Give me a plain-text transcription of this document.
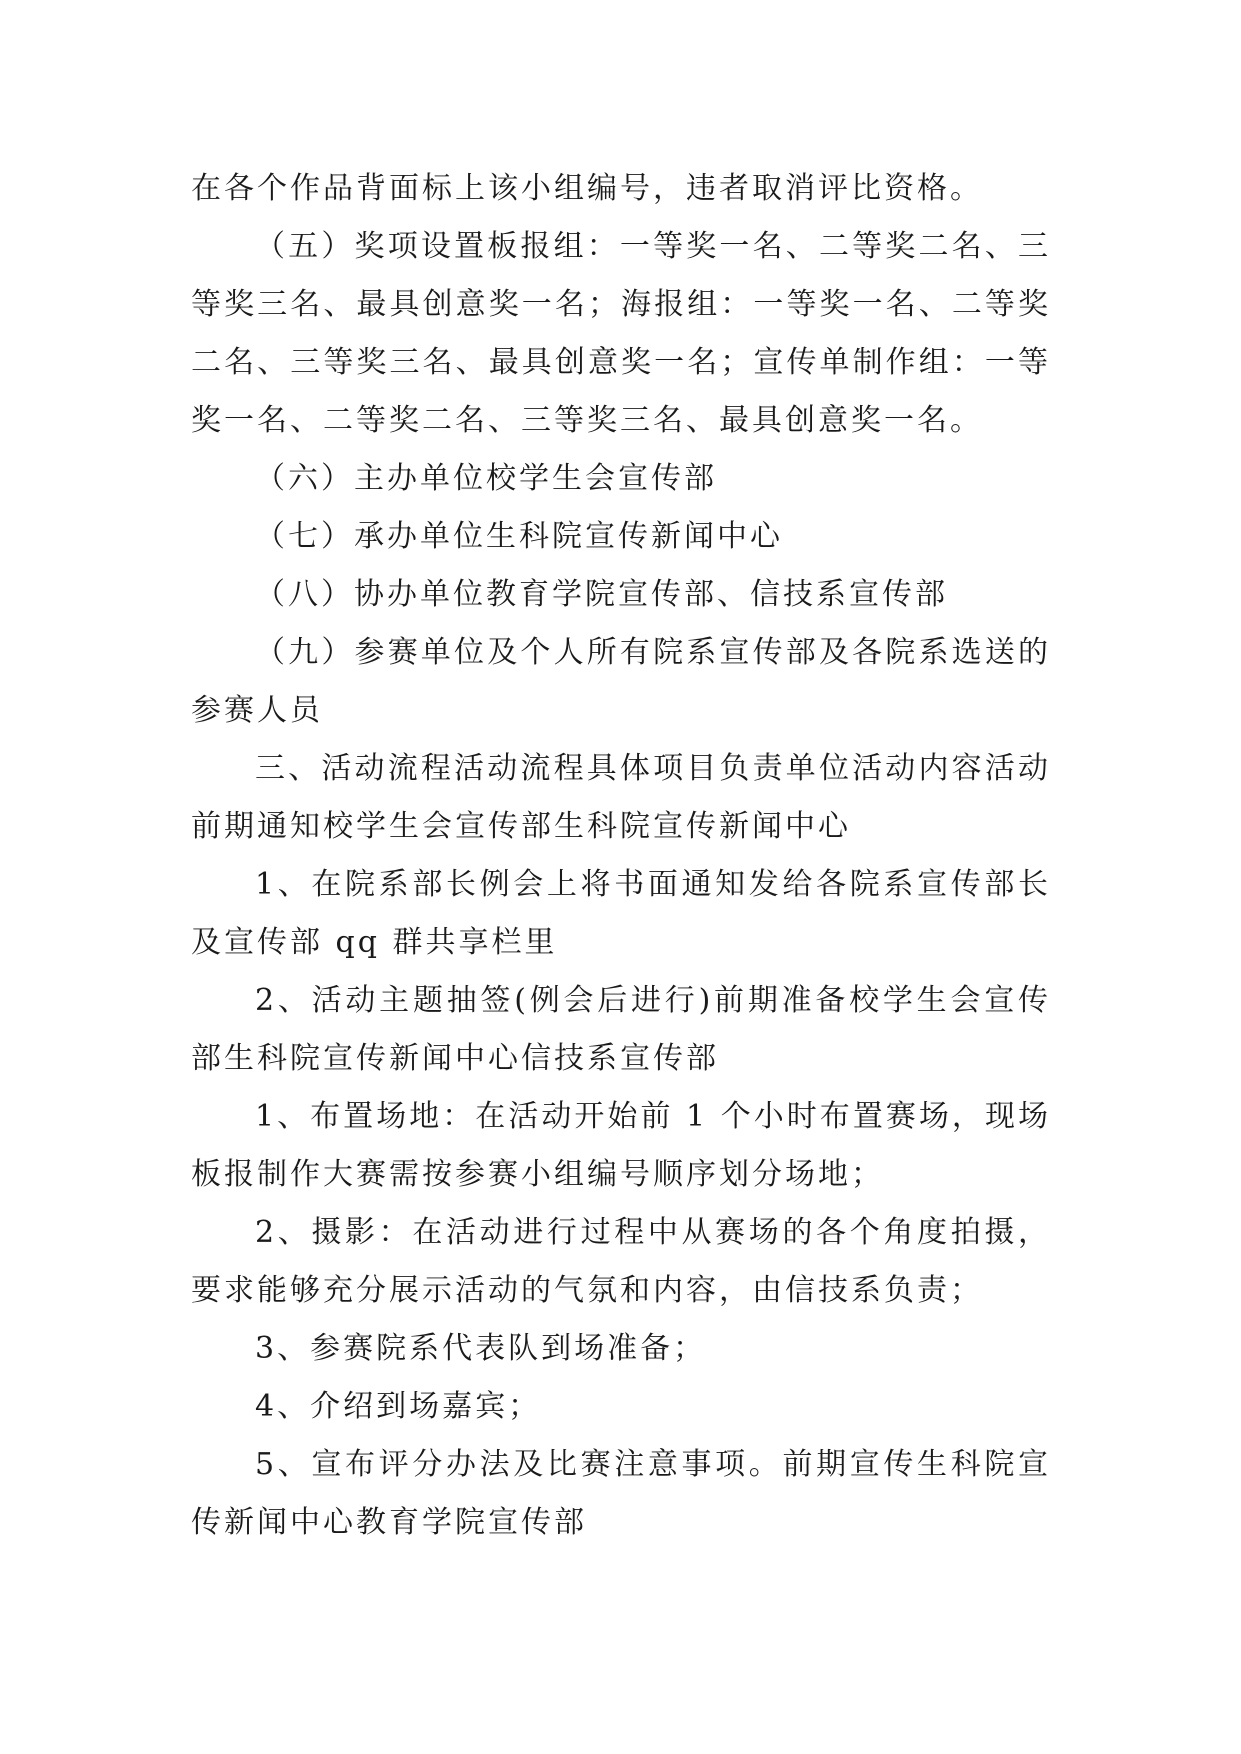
在各个作品背面标上该小组编号，违者取消评比资格。

（五）奖项设置板报组：一等奖一名、二等奖二名、三等奖三名、最具创意奖一名；海报组：一等奖一名、二等奖二名、三等奖三名、最具创意奖一名；宣传单制作组：一等奖一名、二等奖二名、三等奖三名、最具创意奖一名。

（六）主办单位校学生会宣传部

（七）承办单位生科院宣传新闻中心

（八）协办单位教育学院宣传部、信技系宣传部

（九）参赛单位及个人所有院系宣传部及各院系选送的参赛人员

三、活动流程活动流程具体项目负责单位活动内容活动前期通知校学生会宣传部生科院宣传新闻中心

1、在院系部长例会上将书面通知发给各院系宣传部长及宣传部 qq 群共享栏里

2、活动主题抽签(例会后进行)前期准备校学生会宣传部生科院宣传新闻中心信技系宣传部

1、布置场地：在活动开始前 1 个小时布置赛场，现场板报制作大赛需按参赛小组编号顺序划分场地；

2、摄影：在活动进行过程中从赛场的各个角度拍摄，要求能够充分展示活动的气氛和内容，由信技系负责；

3、参赛院系代表队到场准备；

4、介绍到场嘉宾；

5、宣布评分办法及比赛注意事项。前期宣传生科院宣传新闻中心教育学院宣传部
